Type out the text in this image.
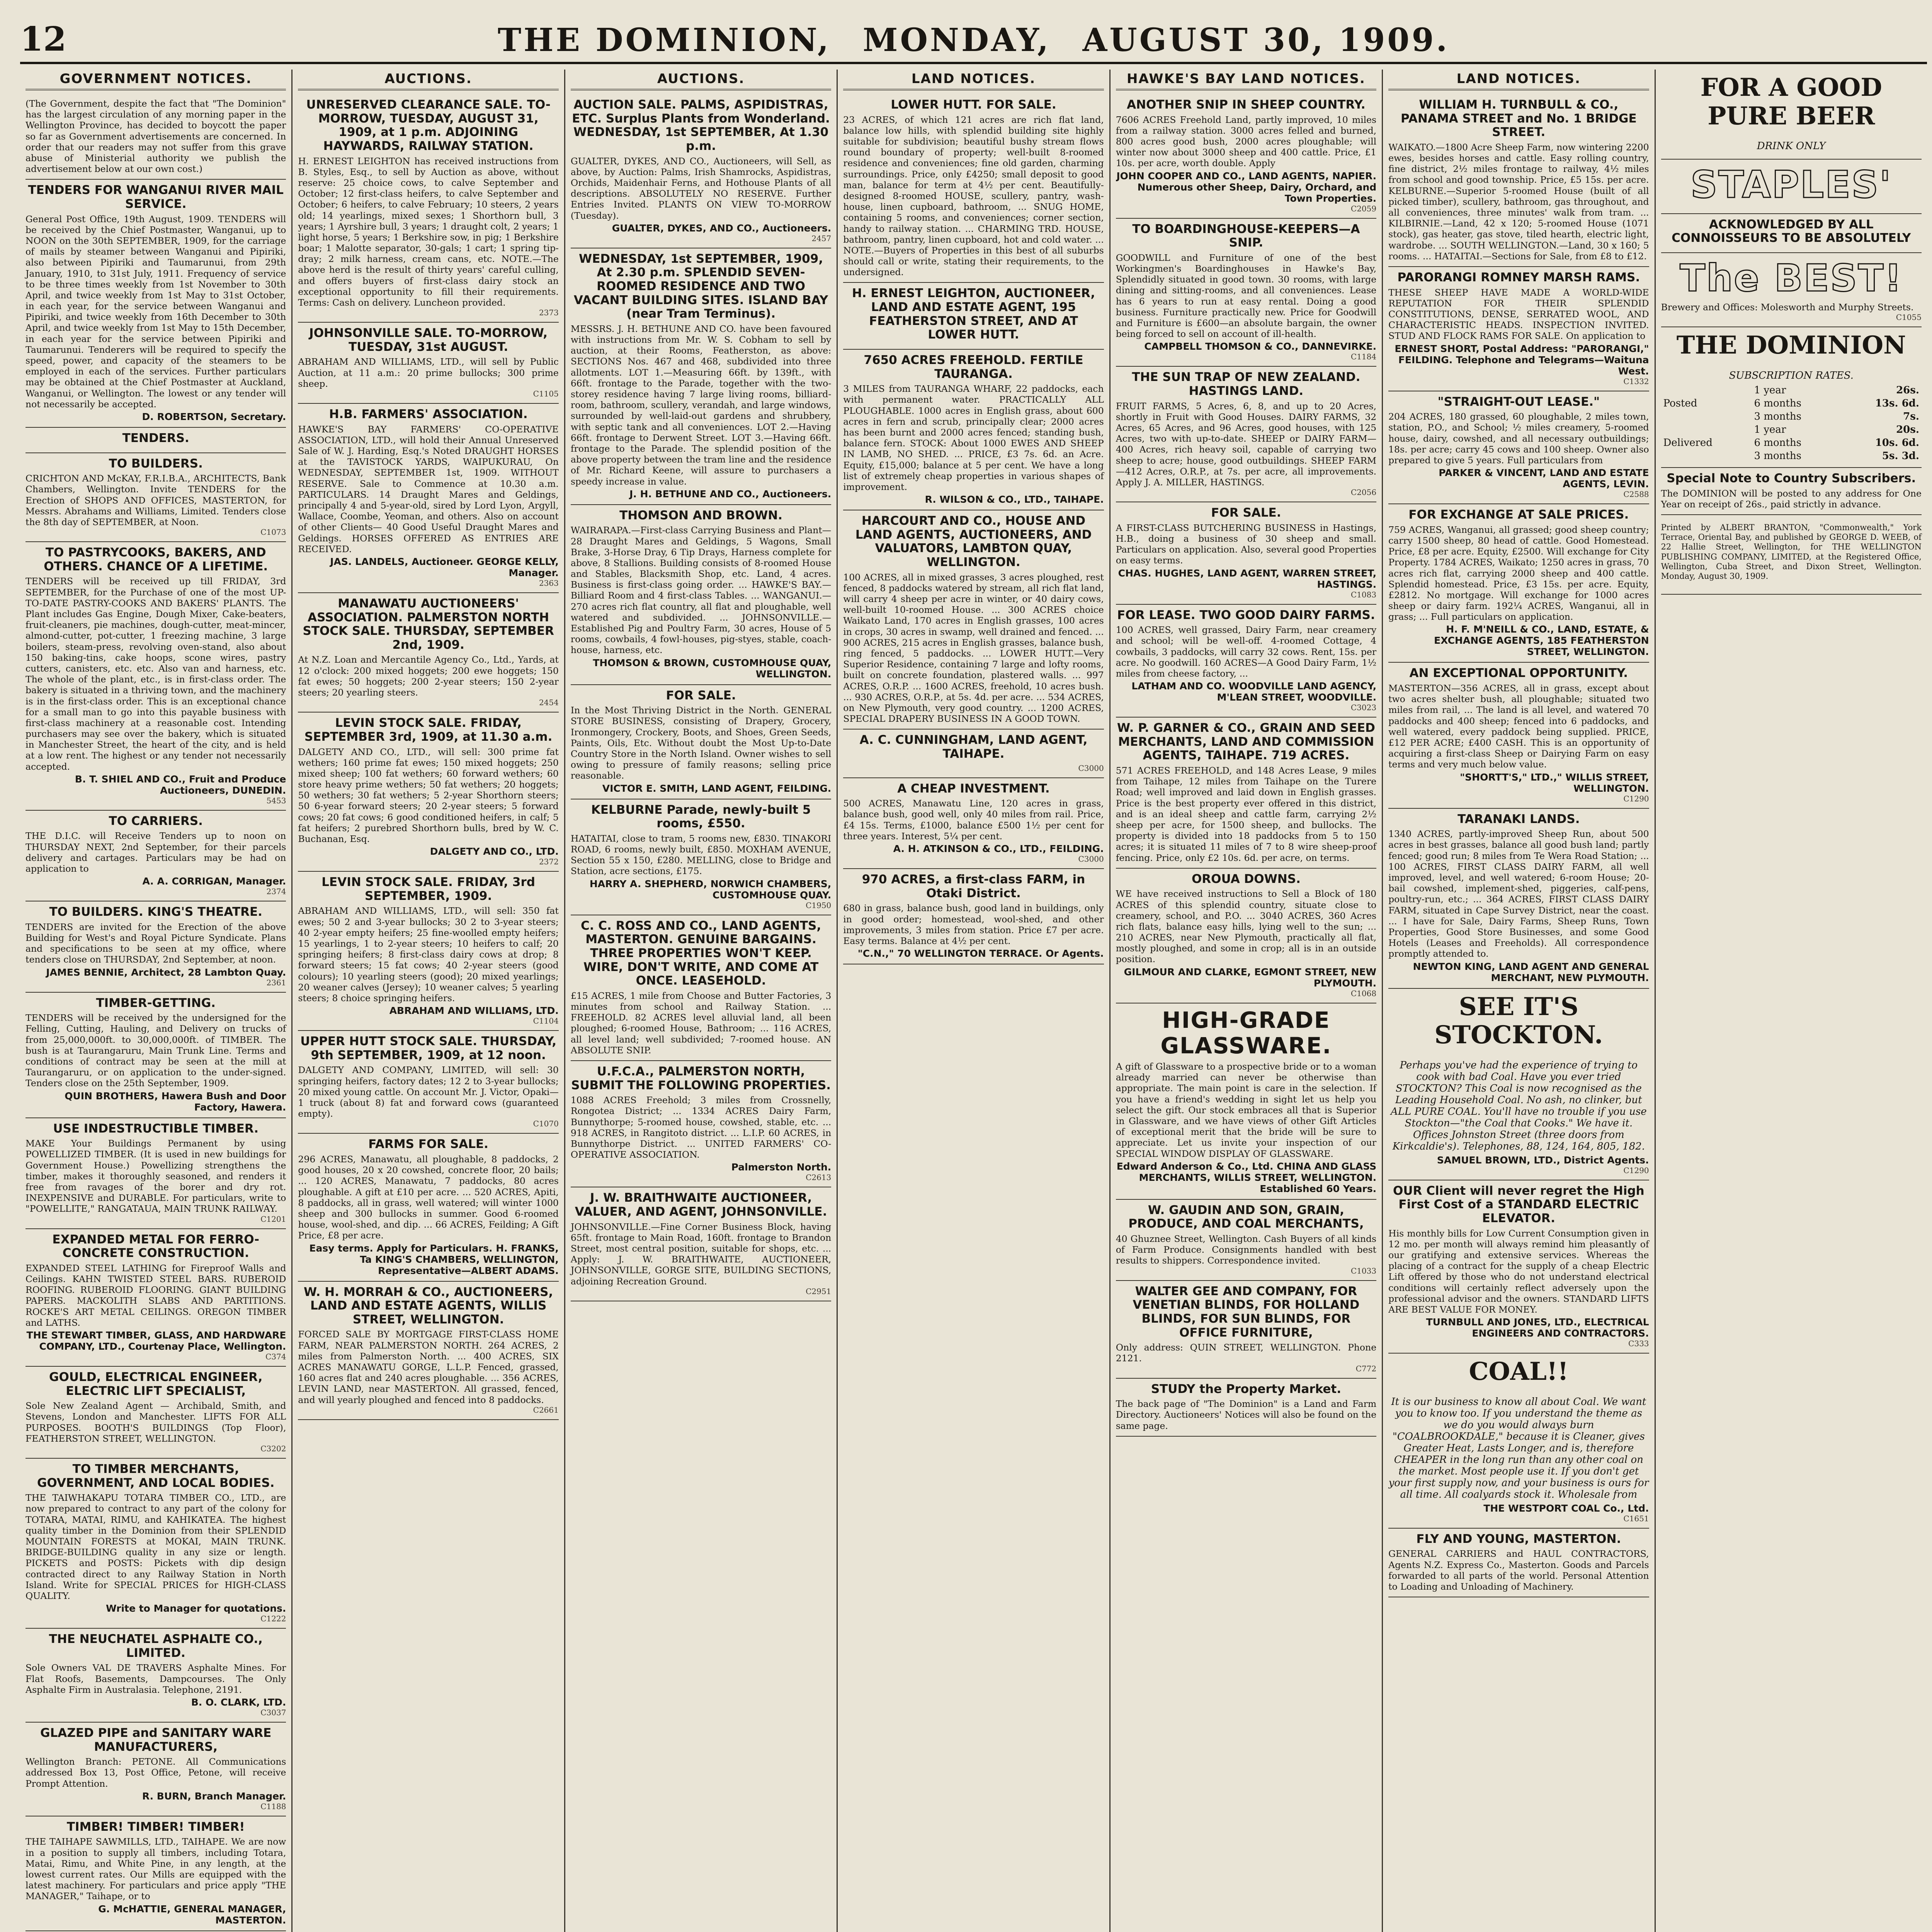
12	THE DOMINION, MONDAY, AUGUST 30, 1909.
GOVERNMENT NOTICES.

(The Government, despite the fact that "The Dominion" has the largest circulation of any morning paper in the Wellington Province, has decided to boycott the paper so far as Government advertisements are concerned. In order that our readers may not suffer from this grave abuse of Ministerial authority we publish the advertisement below at our own cost.)

TENDERS FOR WANGANUI RIVER MAIL SERVICE.

General Post Office, 19th August, 1909. TENDERS will be received by the Chief Postmaster, Wanganui, up to NOON on the 30th SEPTEMBER, 1909, for the carriage of mails by steamer between Wanganui and Pipiriki, also between Pipiriki and Taumarunui, from 29th January, 1910, to 31st July, 1911. Frequency of service to be three times weekly from 1st November to 30th April, and twice weekly from 1st May to 31st October, in each year, for the service between Wanganui and Pipiriki, and twice weekly from 16th December to 30th April, and twice weekly from 1st May to 15th December, in each year for the service between Pipiriki and Taumarunui. Tenderers will be required to specify the speed, power, and capacity of the steamers to be employed in each of the services. Further particulars may be obtained at the Chief Postmaster at Auckland, Wanganui, or Wellington. The lowest or any tender will not necessarily be accepted.

D. ROBERTSON, Secretary.
TENDERS.
TO BUILDERS.

CRICHTON AND McKAY, F.R.I.B.A., ARCHITECTS, Bank Chambers, Wellington. Invite TENDERS for the Erection of SHOPS AND OFFICES, MASTERTON, for Messrs. Abrahams and Williams, Limited. Tenders close the 8th day of SEPTEMBER, at Noon.

C1073
TO PASTRYCOOKS, BAKERS, AND OTHERS. CHANCE OF A LIFETIME.

TENDERS will be received up till FRIDAY, 3rd SEPTEMBER, for the Purchase of one of the most UP-TO-DATE PASTRY-COOKS AND BAKERS' PLANTS. The Plant includes Gas Engine, Dough Mixer, Cake-beaters, fruit-cleaners, pie machines, dough-cutter, meat-mincer, almond-cutter, pot-cutter, 1 freezing machine, 3 large boilers, steam-press, revolving oven-stand, also about 150 baking-tins, cake hoops, scone wires, pastry cutters, canisters, etc. etc. Also van and harness, etc. The whole of the plant, etc., is in first-class order. The bakery is situated in a thriving town, and the machinery is in the first-class order. This is an exceptional chance for a small man to go into this payable business with first-class machinery at a reasonable cost. Intending purchasers may see over the bakery, which is situated in Manchester Street, the heart of the city, and is held at a low rent. The highest or any tender not necessarily accepted.

B. T. SHIEL AND CO., Fruit and Produce Auctioneers, DUNEDIN.
5453
TO CARRIERS.

THE D.I.C. will Receive Tenders up to noon on THURSDAY NEXT, 2nd September, for their parcels delivery and cartages. Particulars may be had on application to

A. A. CORRIGAN, Manager.
2374
TO BUILDERS. KING'S THEATRE.

TENDERS are invited for the Erection of the above Building for West's and Royal Picture Syndicate. Plans and specifications to be seen at my office, where tenders close on THURSDAY, 2nd September, at noon.

JAMES BENNIE, Architect, 28 Lambton Quay.
2361
TIMBER-GETTING.

TENDERS will be received by the undersigned for the Felling, Cutting, Hauling, and Delivery on trucks of from 25,000,000ft. to 30,000,000ft. of TIMBER. The bush is at Taurangaruru, Main Trunk Line. Terms and conditions of contract may be seen at the mill at Taurangaruru, or on application to the under-signed. Tenders close on the 25th September, 1909.

QUIN BROTHERS, Hawera Bush and Door Factory, Hawera.
USE INDESTRUCTIBLE TIMBER.

MAKE Your Buildings Permanent by using POWELLIZED TIMBER. (It is used in new buildings for Government House.) Powellizing strengthens the timber, makes it thoroughly seasoned, and renders it free from ravages of the borer and dry rot. INEXPENSIVE and DURABLE. For particulars, write to "POWELLITE," RANGATAUA, MAIN TRUNK RAILWAY.

C1201
EXPANDED METAL FOR FERRO-CONCRETE CONSTRUCTION.

EXPANDED STEEL LATHING for Fireproof Walls and Ceilings. KAHN TWISTED STEEL BARS. RUBEROID ROOFING. RUBEROID FLOORING. GIANT BUILDING PAPERS. MACKOLITH SLABS AND PARTITIONS. ROCKE'S ART METAL CEILINGS. OREGON TIMBER and LATHS.

THE STEWART TIMBER, GLASS, AND HARDWARE COMPANY, LTD., Courtenay Place, Wellington.
C374
GOULD, ELECTRICAL ENGINEER, ELECTRIC LIFT SPECIALIST,

Sole New Zealand Agent — Archibald, Smith, and Stevens, London and Manchester. LIFTS FOR ALL PURPOSES. BOOTH'S BUILDINGS (Top Floor), FEATHERSTON STREET, WELLINGTON.

C3202
TO TIMBER MERCHANTS, GOVERNMENT, AND LOCAL BODIES.

THE TAIWHAKAPU TOTARA TIMBER CO., LTD., are now prepared to contract to any part of the colony for TOTARA, MATAI, RIMU, and KAHIKATEA. The highest quality timber in the Dominion from their SPLENDID MOUNTAIN FORESTS at MOKAI, MAIN TRUNK. BRIDGE-BUILDING quality in any size or length. PICKETS and POSTS: Pickets with dip design contracted direct to any Railway Station in North Island. Write for SPECIAL PRICES for HIGH-CLASS QUALITY.

Write to Manager for quotations.
C1222
THE NEUCHATEL ASPHALTE CO., LIMITED.

Sole Owners VAL DE TRAVERS Asphalte Mines. For Flat Roofs, Basements, Dampcourses. The Only Asphalte Firm in Australasia. Telephone, 2191.

B. O. CLARK, LTD.
C3037
GLAZED PIPE and SANITARY WARE MANUFACTURERS,

Wellington Branch: PETONE. All Communications addressed Box 13, Post Office, Petone, will receive Prompt Attention.

R. BURN, Branch Manager.
C1188
TIMBER! TIMBER! TIMBER!

THE TAIHAPE SAWMILLS, LTD., TAIHAPE. We are now in a position to supply all timbers, including Totara, Matai, Rimu, and White Pine, in any length, at the lowest current rates. Our Mills are equipped with the latest machinery. For particulars and price apply "THE MANAGER," Taihape, or to

G. McHATTIE, GENERAL MANAGER, MASTERTON.
AUCTIONS.
UNRESERVED CLEARANCE SALE. TO-MORROW, TUESDAY, AUGUST 31, 1909, at 1 p.m. ADJOINING HAYWARDS, RAILWAY STATION.

H. ERNEST LEIGHTON has received instructions from B. Styles, Esq., to sell by Auction as above, without reserve: 25 choice cows, to calve September and October; 12 first-class heifers, to calve September and October; 6 heifers, to calve February; 10 steers, 2 years old; 14 yearlings, mixed sexes; 1 Shorthorn bull, 3 years; 1 Ayrshire bull, 3 years; 1 draught colt, 2 years; 1 light horse, 5 years; 1 Berkshire sow, in pig; 1 Berkshire boar; 1 Malotte separator, 30-gals; 1 cart; 1 spring tip-dray; 2 milk harness, cream cans, etc. NOTE.—The above herd is the result of thirty years' careful culling, and offers buyers of first-class dairy stock an exceptional opportunity to fill their requirements. Terms: Cash on delivery. Luncheon provided.

2373
JOHNSONVILLE SALE. TO-MORROW, TUESDAY, 31st AUGUST.

ABRAHAM AND WILLIAMS, LTD., will sell by Public Auction, at 11 a.m.: 20 prime bullocks; 300 prime sheep.

C1105
H.B. FARMERS' ASSOCIATION.

HAWKE'S BAY FARMERS' CO-OPERATIVE ASSOCIATION, LTD., will hold their Annual Unreserved Sale of W. J. Harding, Esq.'s Noted DRAUGHT HORSES at the TAVISTOCK YARDS, WAIPUKURAU, On WEDNESDAY, SEPTEMBER 1st, 1909. WITHOUT RESERVE. Sale to Commence at 10.30 a.m. PARTICULARS. 14 Draught Mares and Geldings, principally 4 and 5-year-old, sired by Lord Lyon, Argyll, Wallace, Coombe, Yeoman, and others. Also on account of other Clients— 40 Good Useful Draught Mares and Geldings. HORSES OFFERED AS ENTRIES ARE RECEIVED.

JAS. LANDELS, Auctioneer. GEORGE KELLY, Manager.
2363
MANAWATU AUCTIONEERS' ASSOCIATION. PALMERSTON NORTH STOCK SALE. THURSDAY, SEPTEMBER 2nd, 1909.

At N.Z. Loan and Mercantile Agency Co., Ltd., Yards, at 12 o'clock: 200 mixed hoggets; 200 ewe hoggets; 150 fat ewes; 50 hoggets; 200 2-year steers; 150 2-year steers; 20 yearling steers.

2454
LEVIN STOCK SALE. FRIDAY, SEPTEMBER 3rd, 1909, at 11.30 a.m.

DALGETY AND CO., LTD., will sell: 300 prime fat wethers; 160 prime fat ewes; 150 mixed hoggets; 250 mixed sheep; 100 fat wethers; 60 forward wethers; 60 store heavy prime wethers; 50 fat wethers; 20 hoggets; 50 wethers; 30 fat wethers; 5 2-year Shorthorn steers; 50 6-year forward steers; 20 2-year steers; 5 forward cows; 20 fat cows; 6 good conditioned heifers, in calf; 5 fat heifers; 2 purebred Shorthorn bulls, bred by W. C. Buchanan, Esq.

DALGETY AND CO., LTD.
2372
LEVIN STOCK SALE. FRIDAY, 3rd SEPTEMBER, 1909.

ABRAHAM AND WILLIAMS, LTD., will sell: 350 fat ewes; 50 2 and 3-year bullocks; 30 2 to 3-year steers; 40 2-year empty heifers; 25 fine-woolled empty heifers; 15 yearlings, 1 to 2-year steers; 10 heifers to calf; 20 springing heifers; 8 first-class dairy cows at drop; 8 forward steers; 15 fat cows; 40 2-year steers (good colours); 10 yearling steers (good); 20 mixed yearlings; 20 weaner calves (Jersey); 10 weaner calves; 5 yearling steers; 8 choice springing heifers.

ABRAHAM AND WILLIAMS, LTD.
C1104
UPPER HUTT STOCK SALE. THURSDAY, 9th SEPTEMBER, 1909, at 12 noon.

DALGETY AND COMPANY, LIMITED, will sell: 30 springing heifers, factory dates; 12 2 to 3-year bullocks; 20 mixed young cattle. On account Mr. J. Victor, Opaki— 1 truck (about 8) fat and forward cows (guaranteed empty).

C1070
FARMS FOR SALE.

296 ACRES, Manawatu, all ploughable, 8 paddocks, 2 good houses, 20 x 20 cowshed, concrete floor, 20 bails; ... 120 ACRES, Manawatu, 7 paddocks, 80 acres ploughable. A gift at £10 per acre. ... 520 ACRES, Apiti, 8 paddocks, all in grass, well watered; will winter 1000 sheep and 300 bullocks in summer. Good 6-roomed house, wool-shed, and dip. ... 66 ACRES, Feilding; A Gift Price, £8 per acre.

Easy terms. Apply for Particulars. H. FRANKS, Ta KING'S CHAMBERS, WELLINGTON, Representative—ALBERT ADAMS.
W. H. MORRAH & CO., AUCTIONEERS, LAND AND ESTATE AGENTS, WILLIS STREET, WELLINGTON.

FORCED SALE BY MORTGAGE FIRST-CLASS HOME FARM, NEAR PALMERSTON NORTH. 264 ACRES, 2 miles from Palmerston North. ... 400 ACRES, SIX ACRES MANAWATU GORGE, L.L.P. Fenced, grassed, 160 acres flat and 240 acres ploughable. ... 356 ACRES, LEVIN LAND, near MASTERTON. All grassed, fenced, and will yearly ploughed and fenced into 8 paddocks.

C2661
AUCTIONS.
AUCTION SALE. PALMS, ASPIDISTRAS, ETC. Surplus Plants from Wonderland. WEDNESDAY, 1st SEPTEMBER, At 1.30 p.m.

GUALTER, DYKES, AND CO., Auctioneers, will Sell, as above, by Auction: Palms, Irish Shamrocks, Aspidistras, Orchids, Maidenhair Ferns, and Hothouse Plants of all descriptions. ABSOLUTELY NO RESERVE. Further Entries Invited. PLANTS ON VIEW TO-MORROW (Tuesday).

GUALTER, DYKES, AND CO., Auctioneers.
2457
WEDNESDAY, 1st SEPTEMBER, 1909, At 2.30 p.m. SPLENDID SEVEN-ROOMED RESIDENCE AND TWO VACANT BUILDING SITES. ISLAND BAY (near Tram Terminus).

MESSRS. J. H. BETHUNE AND CO. have been favoured with instructions from Mr. W. S. Cobham to sell by auction, at their Rooms, Featherston, as above: SECTIONS Nos. 467 and 468, subdivided into three allotments. LOT 1.—Measuring 66ft. by 139ft., with 66ft. frontage to the Parade, together with the two-storey residence having 7 large living rooms, billiard-room, bathroom, scullery, verandah, and large windows, surrounded by well-laid-out gardens and shrubbery, with septic tank and all conveniences. LOT 2.—Having 66ft. frontage to Derwent Street. LOT 3.—Having 66ft. frontage to the Parade. The splendid position of the above property between the tram line and the residence of Mr. Richard Keene, will assure to purchasers a speedy increase in value.

J. H. BETHUNE AND CO., Auctioneers.
THOMSON AND BROWN.

WAIRARAPA.—First-class Carrying Business and Plant—28 Draught Mares and Geldings, 5 Wagons, Small Brake, 3-Horse Dray, 6 Tip Drays, Harness complete for above, 8 Stallions. Building consists of 8-roomed House and Stables, Blacksmith Shop, etc. Land, 4 acres. Business is first-class going order. ... HAWKE'S BAY.—Billiard Room and 4 first-class Tables. ... WANGANUI.—270 acres rich flat country, all flat and ploughable, well watered and subdivided. ... JOHNSONVILLE.—Established Pig and Poultry Farm, 30 acres, House of 5 rooms, cowbails, 4 fowl-houses, pig-styes, stable, coach-house, harness, etc.

THOMSON & BROWN, CUSTOMHOUSE QUAY, WELLINGTON.
FOR SALE.

In the Most Thriving District in the North. GENERAL STORE BUSINESS, consisting of Drapery, Grocery, Ironmongery, Crockery, Boots, and Shoes, Green Seeds, Paints, Oils, Etc. Without doubt the Most Up-to-Date Country Store in the North Island. Owner wishes to sell owing to pressure of family reasons; selling price reasonable.

VICTOR E. SMITH, LAND AGENT, FEILDING.
KELBURNE Parade, newly-built 5 rooms, £550.

HATAITAI, close to tram, 5 rooms new, £830. TINAKORI ROAD, 6 rooms, newly built, £850. MOXHAM AVENUE, Section 55 x 150, £280. MELLING, close to Bridge and Station, acre sections, £175.

HARRY A. SHEPHERD, NORWICH CHAMBERS, CUSTOMHOUSE QUAY.
C1950
C. C. ROSS AND CO., LAND AGENTS, MASTERTON. GENUINE BARGAINS. THREE PROPERTIES WON'T KEEP. WIRE, DON'T WRITE, AND COME AT ONCE. LEASEHOLD.

£15 ACRES, 1 mile from Choose and Butter Factories, 3 minutes from school and Railway Station. ... FREEHOLD. 82 ACRES level alluvial land, all been ploughed; 6-roomed House, Bathroom; ... 116 ACRES, all level land; well subdivided; 7-roomed house. AN ABSOLUTE SNIP.

U.F.C.A., PALMERSTON NORTH, SUBMIT THE FOLLOWING PROPERTIES.

1088 ACRES Freehold; 3 miles from Crossnelly, Rongotea District; ... 1334 ACRES Dairy Farm, Bunnythorpe; 5-roomed house, cowshed, stable, etc. ... 918 ACRES, in Rangitoto district. ... L.I.P. 60 ACRES, in Bunnythorpe District. ... UNITED FARMERS' CO-OPERATIVE ASSOCIATION.

Palmerston North.
C2613
J. W. BRAITHWAITE AUCTIONEER, VALUER, AND AGENT, JOHNSONVILLE.

JOHNSONVILLE.—Fine Corner Business Block, having 65ft. frontage to Main Road, 160ft. frontage to Brandon Street, most central position, suitable for shops, etc. ... Apply: J. W. BRAITHWAITE, AUCTIONEER, JOHNSONVILLE, GORGE SITE, BUILDING SECTIONS, adjoining Recreation Ground.

C2951
LAND NOTICES.
LOWER HUTT. FOR SALE.

23 ACRES, of which 121 acres are rich flat land, balance low hills, with splendid building site highly suitable for subdivision; beautiful bushy stream flows round boundary of property; well-built 8-roomed residence and conveniences; fine old garden, charming surroundings. Price, only £4250; small deposit to good man, balance for term at 4½ per cent. Beautifully-designed 8-roomed HOUSE, scullery, pantry, wash-house, linen cupboard, bathroom, ... SNUG HOME, containing 5 rooms, and conveniences; corner section, handy to railway station. ... CHARMING TRD. HOUSE, bathroom, pantry, linen cupboard, hot and cold water. ... NOTE.—Buyers of Properties in this best of all suburbs should call or write, stating their requirements, to the undersigned.

H. ERNEST LEIGHTON, AUCTIONEER, LAND AND ESTATE AGENT, 195 FEATHERSTON STREET, AND AT LOWER HUTT.
7650 ACRES FREEHOLD. FERTILE TAURANGA.

3 MILES from TAURANGA WHARF, 22 paddocks, each with permanent water. PRACTICALLY ALL PLOUGHABLE. 1000 acres in English grass, about 600 acres in fern and scrub, principally clear; 2000 acres has been burnt and 2000 acres fenced; standing bush, balance fern. STOCK: About 1000 EWES AND SHEEP IN LAMB, NO SHED. ... PRICE, £3 7s. 6d. an Acre. Equity, £15,000; balance at 5 per cent. We have a long list of extremely cheap properties in various shapes of improvement.

R. WILSON & CO., LTD., TAIHAPE.
HARCOURT AND CO., HOUSE AND LAND AGENTS, AUCTIONEERS, AND VALUATORS, LAMBTON QUAY, WELLINGTON.

100 ACRES, all in mixed grasses, 3 acres ploughed, rest fenced, 8 paddocks watered by stream, all rich flat land, will carry 4 sheep per acre in winter, or 40 dairy cows, well-built 10-roomed House. ... 300 ACRES choice Waikato Land, 170 acres in English grasses, 100 acres in crops, 30 acres in swamp, well drained and fenced. ... 900 ACRES, 215 acres in English grasses, balance bush, ring fenced, 5 paddocks. ... LOWER HUTT.—Very Superior Residence, containing 7 large and lofty rooms, built on concrete foundation, plastered walls. ... 997 ACRES, O.R.P. ... 1600 ACRES, freehold, 10 acres bush. ... 930 ACRES, O.R.P., at 5s. 4d. per acre. ... 534 ACRES, on New Plymouth, very good country. ... 1200 ACRES, SPECIAL DRAPERY BUSINESS IN A GOOD TOWN.

A. C. CUNNINGHAM, LAND AGENT, TAIHAPE.
C3000
A CHEAP INVESTMENT.

500 ACRES, Manawatu Line, 120 acres in grass, balance bush, good well, only 40 miles from rail. Price, £4 15s. Terms, £1000, balance £500 1½ per cent for three years. Interest, 5¼ per cent.

A. H. ATKINSON & CO., LTD., FEILDING.
C3000
970 ACRES, a first-class FARM, in Otaki District.

680 in grass, balance bush, good land in buildings, only in good order; homestead, wool-shed, and other improvements, 3 miles from station. Price £7 per acre. Easy terms. Balance at 4½ per cent.

"C.N.," 70 WELLINGTON TERRACE. Or Agents.
HAWKE'S BAY LAND NOTICES.
ANOTHER SNIP IN SHEEP COUNTRY.

7606 ACRES Freehold Land, partly improved, 10 miles from a railway station. 3000 acres felled and burned, 800 acres good bush, 2000 acres ploughable; will winter now about 3000 sheep and 400 cattle. Price, £1 10s. per acre, worth double. Apply

JOHN COOPER AND CO., LAND AGENTS, NAPIER. Numerous other Sheep, Dairy, Orchard, and Town Properties.
C2059
TO BOARDINGHOUSE-KEEPERS—A SNIP.

GOODWILL and Furniture of one of the best Workingmen's Boardinghouses in Hawke's Bay, Splendidly situated in good town. 30 rooms, with large dining and sitting-rooms, and all conveniences. Lease has 6 years to run at easy rental. Doing a good business. Furniture practically new. Price for Goodwill and Furniture is £600—an absolute bargain, the owner being forced to sell on account of ill-health.

CAMPBELL THOMSON & CO., DANNEVIRKE.
C1184
THE SUN TRAP OF NEW ZEALAND. HASTINGS LAND.

FRUIT FARMS, 5 Acres, 6, 8, and up to 20 Acres, shortly in Fruit with Good Houses. DAIRY FARMS, 32 Acres, 65 Acres, and 96 Acres, good houses, with 125 Acres, two with up-to-date. SHEEP or DAIRY FARM—400 Acres, rich heavy soil, capable of carrying two sheep to acre; house, good outbuildings. SHEEP FARM—412 Acres, O.R.P., at 7s. per acre, all improvements. Apply J. A. MILLER, HASTINGS.

C2056
FOR SALE.

A FIRST-CLASS BUTCHERING BUSINESS in Hastings, H.B., doing a business of 30 sheep and small. Particulars on application. Also, several good Properties on easy terms.

CHAS. HUGHES, LAND AGENT, WARREN STREET, HASTINGS.
C1083
FOR LEASE. TWO GOOD DAIRY FARMS.

100 ACRES, well grassed, Dairy Farm, near creamery and school; will be well-off. 4-roomed Cottage, 4 cowbails, 3 paddocks, will carry 32 cows. Rent, 15s. per acre. No goodwill. 160 ACRES—A Good Dairy Farm, 1½ miles from cheese factory, ...

LATHAM AND CO. WOODVILLE LAND AGENCY, M'LEAN STREET, WOODVILLE.
C3023
W. P. GARNER & CO., GRAIN AND SEED MERCHANTS, LAND AND COMMISSION AGENTS, TAIHAPE. 719 ACRES.

571 ACRES FREEHOLD, and 148 Acres Lease, 9 miles from Taihape, 12 miles from Taihape on the Turere Road; well improved and laid down in English grasses. Price is the best property ever offered in this district, and is an ideal sheep and cattle farm, carrying 2½ sheep per acre, for 1500 sheep, and bullocks. The property is divided into 18 paddocks from 5 to 150 acres; it is situated 11 miles of 7 to 8 wire sheep-proof fencing. Price, only £2 10s. 6d. per acre, on terms.

OROUA DOWNS.

WE have received instructions to Sell a Block of 180 ACRES of this splendid country, situate close to creamery, school, and P.O. ... 3040 ACRES, 360 Acres rich flats, balance easy hills, lying well to the sun; ... 210 ACRES, near New Plymouth, practically all flat, mostly ploughed, and some in crop; all is in an outside position.

GILMOUR AND CLARKE, EGMONT STREET, NEW PLYMOUTH.
C1068
HIGH-GRADE GLASSWARE.

A gift of Glassware to a prospective bride or to a woman already married can never be otherwise than appropriate. The main point is care in the selection. If you have a friend's wedding in sight let us help you select the gift. Our stock embraces all that is Superior in Glassware, and we have views of other Gift Articles of exceptional merit that the bride will be sure to appreciate. Let us invite your inspection of our SPECIAL WINDOW DISPLAY OF GLASSWARE.

Edward Anderson & Co., Ltd. CHINA AND GLASS MERCHANTS, WILLIS STREET, WELLINGTON. Established 60 Years.
W. GAUDIN AND SON, GRAIN, PRODUCE, AND COAL MERCHANTS,

40 Ghuznee Street, Wellington. Cash Buyers of all kinds of Farm Produce. Consignments handled with best results to shippers. Correspondence invited.

C1033
WALTER GEE AND COMPANY, FOR VENETIAN BLINDS, FOR HOLLAND BLINDS, FOR SUN BLINDS, FOR OFFICE FURNITURE,

Only address: QUIN STREET, WELLINGTON. Phone 2121.

C772
STUDY the Property Market.

The back page of "The Dominion" is a Land and Farm Directory. Auctioneers' Notices will also be found on the same page.

LAND NOTICES.
WILLIAM H. TURNBULL & CO., PANAMA STREET and No. 1 BRIDGE STREET.

WAIKATO.—1800 Acre Sheep Farm, now wintering 2200 ewes, besides horses and cattle. Easy rolling country, fine district, 2½ miles frontage to railway, 4½ miles from school and good township. Price, £5 15s. per acre. KELBURNE.—Superior 5-roomed House (built of all picked timber), scullery, bathroom, gas throughout, and all conveniences, three minutes' walk from tram. ... KILBIRNIE.—Land, 42 x 120; 5-roomed House (1071 stock), gas heater, gas stove, tiled hearth, electric light, wardrobe. ... SOUTH WELLINGTON.—Land, 30 x 160; 5 rooms. ... HATAITAI.—Sections for Sale, from £8 to £12.

PARORANGI ROMNEY MARSH RAMS.

THESE SHEEP HAVE MADE A WORLD-WIDE REPUTATION FOR THEIR SPLENDID CONSTITUTIONS, DENSE, SERRATED WOOL, AND CHARACTERISTIC HEADS. INSPECTION INVITED. STUD AND FLOCK RAMS FOR SALE. On application to

ERNEST SHORT, Postal Address: "PARORANGI," FEILDING. Telephone and Telegrams—Waituna West.
C1332
"STRAIGHT-OUT LEASE."

204 ACRES, 180 grassed, 60 ploughable, 2 miles town, station, P.O., and School; ½ miles creamery, 5-roomed house, dairy, cowshed, and all necessary outbuildings; 18s. per acre; carry 45 cows and 100 sheep. Owner also prepared to give 5 years. Full particulars from

PARKER & VINCENT, LAND AND ESTATE AGENTS, LEVIN.
C2588
FOR EXCHANGE AT SALE PRICES.

759 ACRES, Wanganui, all grassed; good sheep country; carry 1500 sheep, 80 head of cattle. Good Homestead. Price, £8 per acre. Equity, £2500. Will exchange for City Property. 1784 ACRES, Waikato; 1250 acres in grass, 70 acres rich flat, carrying 2000 sheep and 400 cattle. Splendid homestead. Price, £3 15s. per acre. Equity, £2812. No mortgage. Will exchange for 1000 acres sheep or dairy farm. 192¼ ACRES, Wanganui, all in grass; ... Full particulars on application.

H. F. M'NEILL & CO., LAND, ESTATE, & EXCHANGE AGENTS, 185 FEATHERSTON STREET, WELLINGTON.
AN EXCEPTIONAL OPPORTUNITY.

MASTERTON—356 ACRES, all in grass, except about two acres shelter bush, all ploughable; situated two miles from rail, ... The land is all level, and watered 70 paddocks and 400 sheep; fenced into 6 paddocks, and well watered, every paddock being supplied. PRICE, £12 PER ACRE; £400 CASH. This is an opportunity of acquiring a first-class Sheep or Dairying Farm on easy terms and very much below value.

"SHORTT'S," LTD.," WILLIS STREET, WELLINGTON.
C1290
TARANAKI LANDS.

1340 ACRES, partly-improved Sheep Run, about 500 acres in best grasses, balance all good bush land; partly fenced; good run; 8 miles from Te Wera Road Station; ... 100 ACRES, FIRST CLASS DAIRY FARM, all well improved, level, and well watered; 6-room House; 20-bail cowshed, implement-shed, piggeries, calf-pens, poultry-run, etc.; ... 364 ACRES, FIRST CLASS DAIRY FARM, situated in Cape Survey District, near the coast. ... I have for Sale, Dairy Farms, Sheep Runs, Town Properties, Good Store Businesses, and some Good Hotels (Leases and Freeholds). All correspondence promptly attended to.

NEWTON KING, LAND AGENT AND GENERAL MERCHANT, NEW PLYMOUTH.
SEE IT'S STOCKTON.

Perhaps you've had the experience of trying to cook with bad Coal. Have you ever tried STOCKTON? This Coal is now recognised as the Leading Household Coal. No ash, no clinker, but ALL PURE COAL. You'll have no trouble if you use Stockton—"the Coal that Cooks." We have it. Offices Johnston Street (three doors from Kirkcaldie's). Telephones, 88, 124, 164, 805, 182.

SAMUEL BROWN, LTD., District Agents.
C1290
OUR Client will never regret the High First Cost of a STANDARD ELECTRIC ELEVATOR.

His monthly bills for Low Current Consumption given in 12 mo. per month will always remind him pleasantly of our gratifying and extensive services. Whereas the placing of a contract for the supply of a cheap Electric Lift offered by those who do not understand electrical conditions will certainly reflect adversely upon the professional advisor and the owners. STANDARD LIFTS ARE BEST VALUE FOR MONEY.

TURNBULL AND JONES, LTD., ELECTRICAL ENGINEERS AND CONTRACTORS.
C333
COAL!!

It is our business to know all about Coal. We want you to know too. If you understand the theme as we do you would always burn "COALBROOKDALE," because it is Cleaner, gives Greater Heat, Lasts Longer, and is, therefore CHEAPER in the long run than any other coal on the market. Most people use it. If you don't get your first supply now, and your business is ours for all time. All coalyards stock it. Wholesale from

THE WESTPORT COAL Co., Ltd.
C1651
FLY AND YOUNG, MASTERTON.

GENERAL CARRIERS and HAUL CONTRACTORS, Agents N.Z. Express Co., Masterton. Goods and Parcels forwarded to all parts of the world. Personal Attention to Loading and Unloading of Machinery.

FOR A GOOD PURE BEER

DRINK ONLY

STAPLES'
ACKNOWLEDGED BY ALL CONNOISSEURS TO BE ABSOLUTELY
The BEST!

Brewery and Offices: Molesworth and Murphy Streets.

C1055
THE DOMINION

SUBSCRIPTION RATES.

	1 year	26s.
Posted	6 months	13s. 6d.
	3 months	7s.
	1 year	20s.
Delivered	6 months	10s. 6d.
	3 months	5s. 3d.
Special Note to Country Subscribers.

The DOMINION will be posted to any address for One Year on receipt of 26s., paid strictly in advance.

Printed by ALBERT BRANTON, "Commonwealth," York Terrace, Oriental Bay, and published by GEORGE D. WEEB, of 22 Hallie Street, Wellington, for THE WELLINGTON PUBLISHING COMPANY, LIMITED, at the Registered Office, Wellington, Cuba Street, and Dixon Street, Wellington. Monday, August 30, 1909.
